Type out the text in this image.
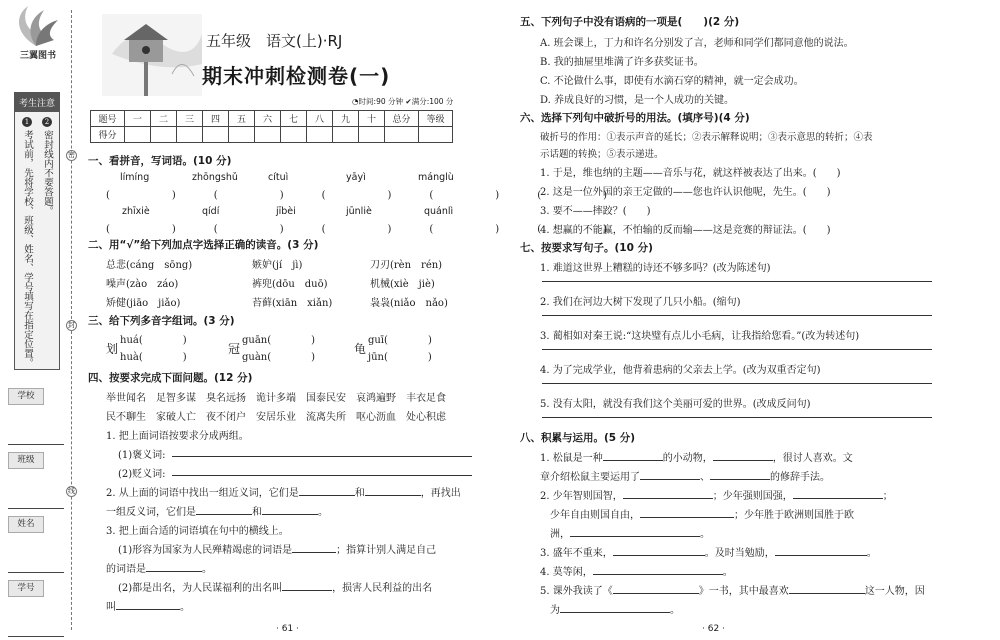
三翼图书
考生注意
1考试前，先将学校、班级、姓名、学号填写在指定位置。
2密封线内不要答题。
学校
班级
姓名
学号
密
封
线
五年级　语文(上)·RJ
期末冲刺检测卷(一)
◔时间:90 分钟 ✔满分:100 分
题号	一	二	三	四	五	六	七	八	九	十	总分	等级
得分												
一、看拼音，写词语。(10 分)
límíng	zhōngshǔ	cítuì	yāyì	mánglù
(　　)　(　　)　(　　)　(　　)　(　　)
zhīxiè	qídí	jībèi	jūnliè	quánlì
(　　)　(　　)　(　　)　(　　)　(　　)
二、用“√”给下列加点字选择正确的读音。(3 分)
总悲(cáng　sōng)	嫉妒(jí　jì)	刀刃(rèn　rén)
噪声(zào　záo)	裤兜(dōu　duō)	机械(xiè　jiè)
矫健(jiāo　jiǎo)	苔藓(xiān　xiǎn)	袅袅(niǎo　nǎo)
三、给下列多音字组词。(3 分)
划
huá(　　　　)
huà(　　　　)
冠
guān(　　　　)
guàn(　　　　)
龟
guī(　　　　)
jūn(　　　　)
四、按要求完成下面问题。(12 分)
举世闻名　足智多谋　臭名远扬　诡计多端　国泰民安　哀鸿遍野　丰衣足食
民不聊生　家破人亡　夜不闭户　安居乐业　流离失所　呕心沥血　处心积虑
1. 把上面词语按要求分成两组。
(1)褒义词:
(2)贬义词:
2. 从上面的词语中找出一组近义词，它们是	和	，再找出
一组反义词，它们是	和	。
3. 把上面合适的词语填在句中的横线上。
(1)形容为国家为人民殚精竭虑的词语是	；指算计别人满足自己
的词语是	。
(2)都是出名，为人民谋福利的出名叫	，损害人民利益的出名
叫	。
· 61 ·
五、下列句子中没有语病的一项是(　　)(2 分)
A. 班会课上，丁力和许名分别发了言，老师和同学们都同意他的说法。
B. 我的抽屉里堆满了许多获奖证书。
C. 不论做什么事，即使有水滴石穿的精神，就一定会成功。
D. 养成良好的习惯，是一个人成功的关键。
六、选择下列句中破折号的用法。(填序号)(4 分)
破折号的作用：①表示声音的延长；②表示解释说明；③表示意思的转折；④表
示话题的转换；⑤表示递进。
1. 于是，维也纳的主题——音乐与花，就这样被表达了出来。(　　)
2. 这是一位外国的亲王定做的——您也许认识他呢，先生。(　　)
3. 要不——摔跤？(　　)
4. 想赢的不能赢，不怕输的反而输——这是竞赛的辩证法。(　　)
七、按要求写句子。(10 分)
1. 难道这世界上糟糕的诗还不够多吗？(改为陈述句)
2. 我们在河边大树下发现了几只小船。(缩句)
3. 蔺相如对秦王说:“这块璧有点儿小毛病，让我指给您看。”(改为转述句)
4. 为了完成学业，他背着患病的父亲去上学。(改为双重否定句)
5. 没有太阳，就没有我们这个美丽可爱的世界。(改成反问句)
八、积累与运用。(5 分)
1. 松鼠是一种	的小动物，	，很讨人喜欢。文
章介绍松鼠主要运用了	、	的修辞手法。
2. 少年智则国智，	；少年强则国强，	；
少年自由则国自由，	；少年胜于欧洲则国胜于欧
洲，	。
3. 盛年不重来，	。及时当勉励，	。
4. 莫等闲，	。
5. 课外我读了《	》一书，其中最喜欢	这一人物，因
为	。
· 62 ·
